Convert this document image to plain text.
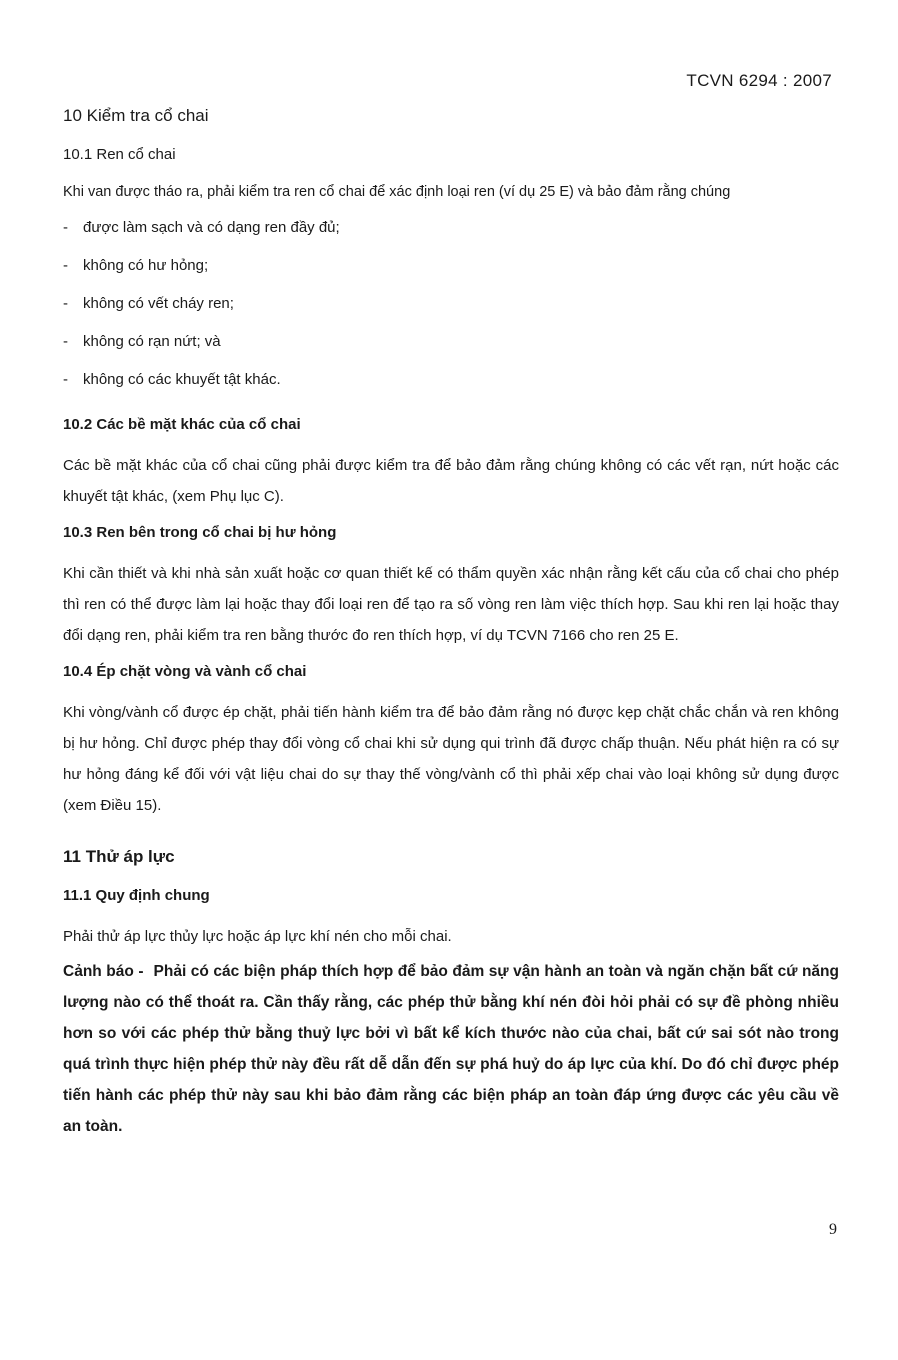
TCVN 6294 : 2007
10 Kiểm tra cổ chai
10.1 Ren cổ chai

Khi van được tháo ra, phải kiểm tra ren cổ chai để xác định loại ren (ví dụ 25 E) và bảo đảm rằng chúng

- được làm sạch và có dạng ren đầy đủ;
- không có hư hỏng;
- không có vết cháy ren;
- không có rạn nứt; và
- không có các khuyết tật khác.
10.2 Các bề mặt khác của cổ chai

Các bề mặt khác của cổ chai cũng phải được kiểm tra để bảo đảm rằng chúng không có các vết rạn, nứt hoặc các khuyết tật khác, (xem Phụ lục C).

10.3 Ren bên trong cổ chai bị hư hỏng

Khi cần thiết và khi nhà sản xuất hoặc cơ quan thiết kế có thẩm quyền xác nhận rằng kết cấu của cổ chai cho phép thì ren có thể được làm lại hoặc thay đổi loại ren để tạo ra số vòng ren làm việc thích hợp. Sau khi ren lại hoặc thay đổi dạng ren, phải kiểm tra ren bằng thước đo ren thích hợp, ví dụ TCVN 7166 cho ren 25 E.

10.4 Ép chặt vòng và vành cổ chai

Khi vòng/vành cổ được ép chặt, phải tiến hành kiểm tra để bảo đảm rằng nó được kẹp chặt chắc chắn và ren không bị hư hỏng. Chỉ được phép thay đổi vòng cổ chai khi sử dụng qui trình đã được chấp thuận. Nếu phát hiện ra có sự hư hỏng đáng kể đối với vật liệu chai do sự thay thế vòng/vành cổ thì phải xếp chai vào loại không sử dụng được (xem Điều 15).

11 Thử áp lực
11.1 Quy định chung

Phải thử áp lực thủy lực hoặc áp lực khí nén cho mỗi chai.

Cảnh báo - Phải có các biện pháp thích hợp để bảo đảm sự vận hành an toàn và ngăn chặn bất cứ năng lượng nào có thể thoát ra. Cần thấy rằng, các phép thử bằng khí nén đòi hỏi phải có sự đề phòng nhiều hơn so với các phép thử bằng thuỷ lực bởi vì bất kể kích thước nào của chai, bất cứ sai sót nào trong quá trình thực hiện phép thử này đều rất dễ dẫn đến sự phá huỷ do áp lực của khí. Do đó chỉ được phép tiến hành các phép thử này sau khi bảo đảm rằng các biện pháp an toàn đáp ứng được các yêu cầu về an toàn.

9
